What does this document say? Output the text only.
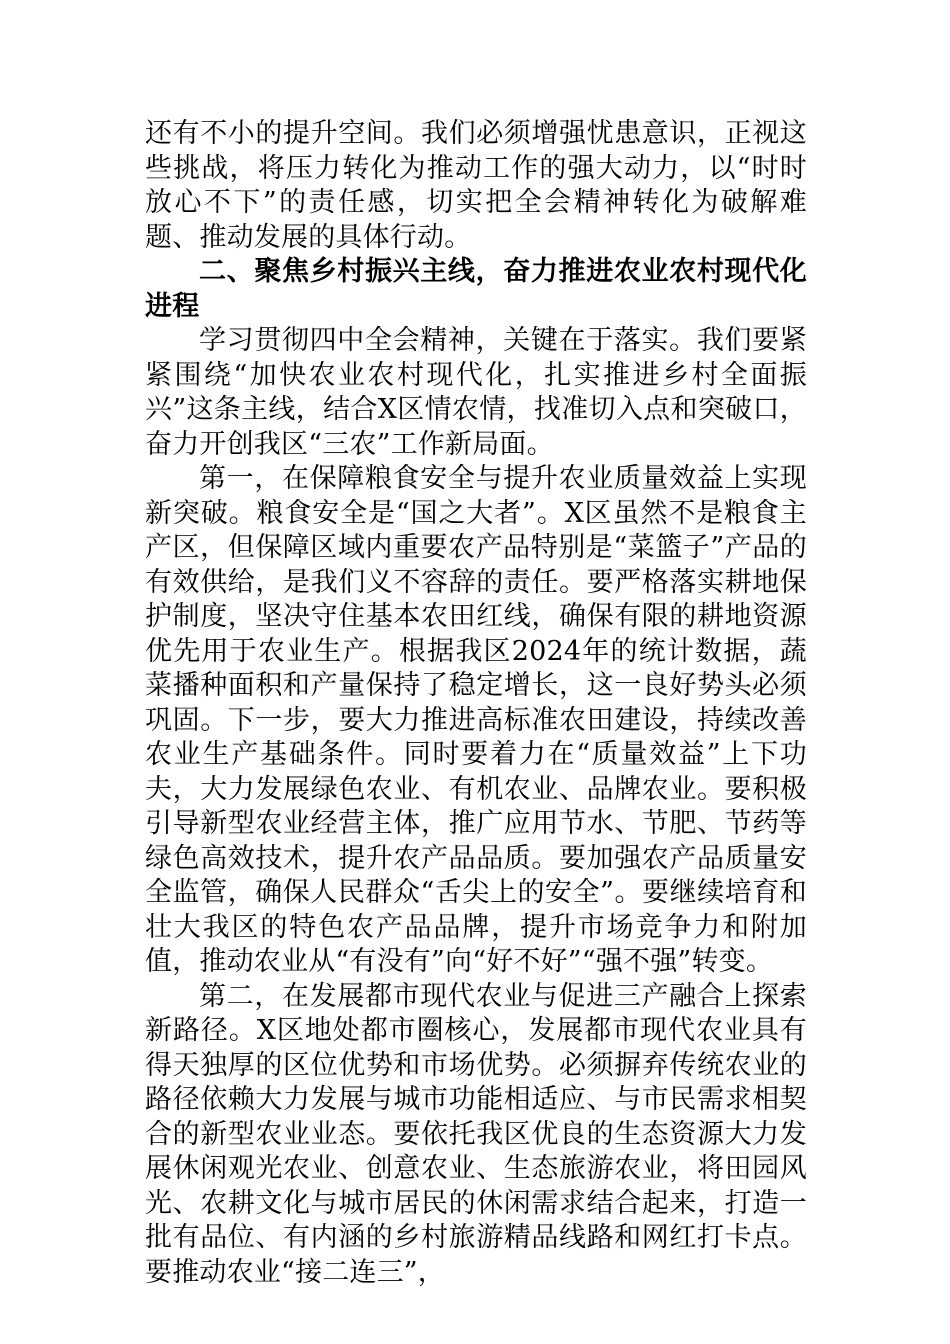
还有不小的提升空间。我们必须增强忧患意识，正视这些挑战，将压力转化为推动工作的强大动力，以“时时放心不下”的责任感，切实把全会精神转化为破解难题、推动发展的具体行动。

二、聚焦乡村振兴主线，奋力推进农业农村现代化进程

学习贯彻四中全会精神，关键在于落实。我们要紧紧围绕“加快农业农村现代化，扎实推进乡村全面振兴”这条主线，结合X区情农情，找准切入点和突破口，奋力开创我区“三农”工作新局面。

第一，在保障粮食安全与提升农业质量效益上实现新突破。粮食安全是“国之大者”。X区虽然不是粮食主产区，但保障区域内重要农产品特别是“菜篮子”产品的有效供给，是我们义不容辞的责任。要严格落实耕地保护制度，坚决守住基本农田红线，确保有限的耕地资源优先用于农业生产。根据我区2024年的统计数据，蔬菜播种面积和产量保持了稳定增长，这一良好势头必须巩固。下一步，要大力推进高标准农田建设，持续改善农业生产基础条件。同时要着力在“质量效益”上下功夫，大力发展绿色农业、有机农业、品牌农业。要积极引导新型农业经营主体，推广应用节水、节肥、节药等绿色高效技术，提升农产品品质。要加强农产品质量安全监管，确保人民群众“舌尖上的安全”。要继续培育和壮大我区的特色农产品品牌，提升市场竞争力和附加值，推动农业从“有没有”向“好不好”“强不强”转变。

第二，在发展都市现代农业与促进三产融合上探索新路径。X区地处都市圈核心，发展都市现代农业具有得天独厚的区位优势和市场优势。必须摒弃传统农业的路径依赖大力发展与城市功能相适应、与市民需求相契合的新型农业业态。要依托我区优良的生态资源大力发展休闲观光农业、创意农业、生态旅游农业，将田园风光、农耕文化与城市居民的休闲需求结合起来，打造一批有品位、有内涵的乡村旅游精品线路和网红打卡点。要推动农业“接二连三”，
